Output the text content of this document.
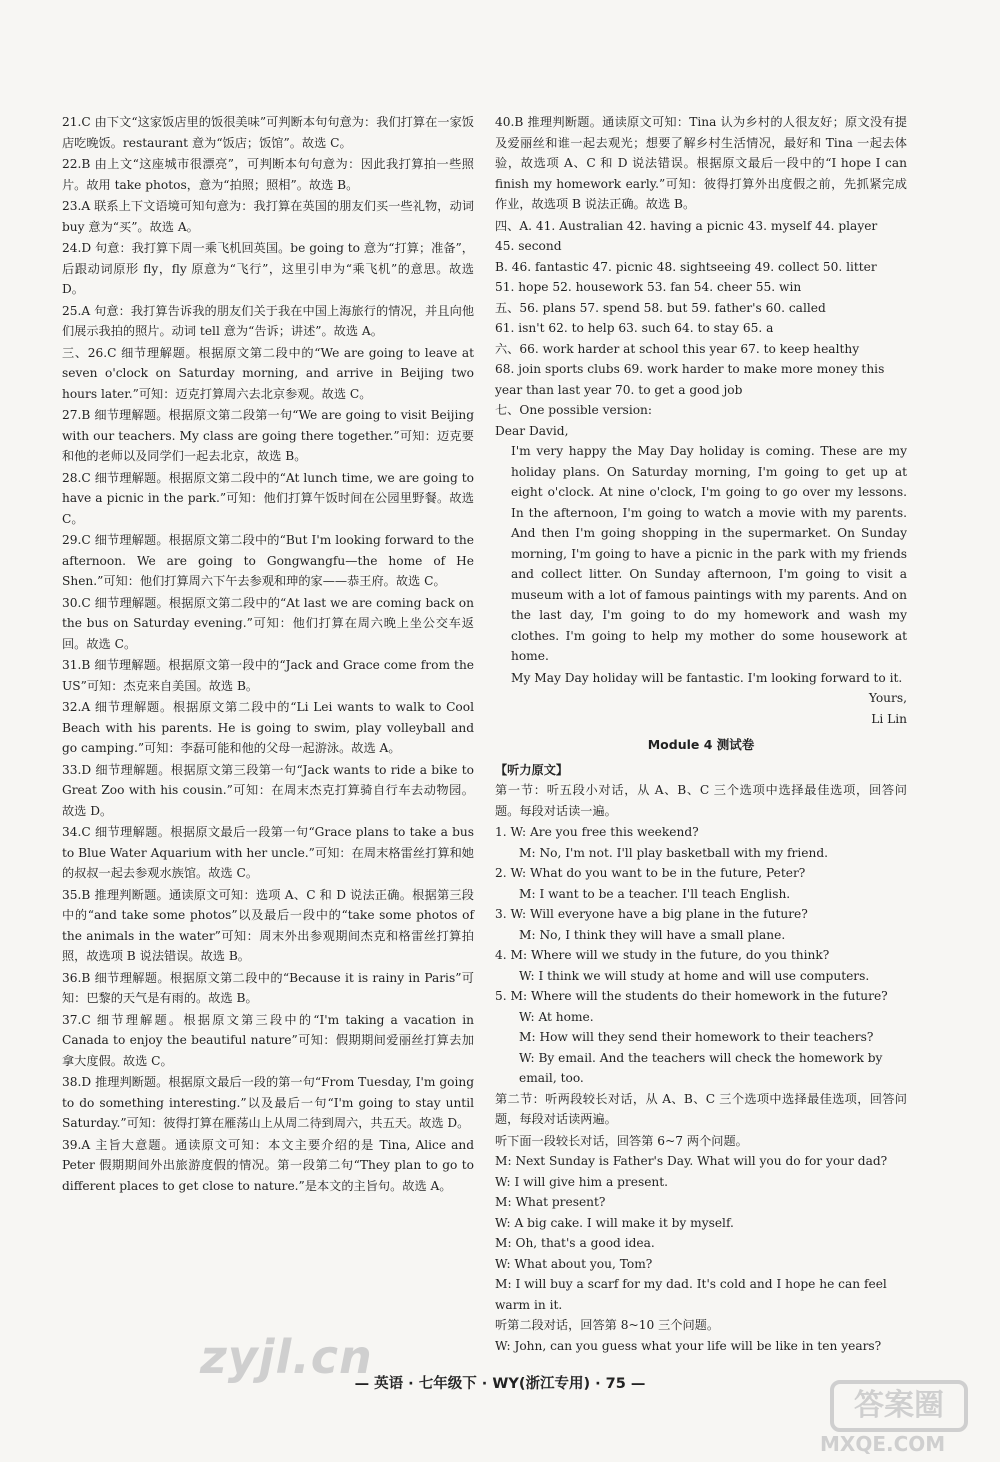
21.C 由下文“这家饭店里的饭很美味”可判断本句句意为：我们打算在一家饭店吃晚饭。restaurant 意为“饭店；饭馆”。故选 C。
22.B 由上文“这座城市很漂亮”，可判断本句句意为：因此我打算拍一些照片。故用 take photos，意为“拍照；照相”。故选 B。
23.A 联系上下文语境可知句意为：我打算在英国的朋友们买一些礼物，动词 buy 意为“买”。故选 A。
24.D 句意：我打算下周一乘飞机回英国。be going to 意为“打算；准备”，后跟动词原形 fly，fly 原意为“飞行”，这里引申为“乘飞机”的意思。故选 D。
25.A 句意：我打算告诉我的朋友们关于我在中国上海旅行的情况，并且向他们展示我拍的照片。动词 tell 意为“告诉；讲述”。故选 A。
三、26.C 细节理解题。根据原文第二段中的“We are going to leave at seven o'clock on Saturday morning, and arrive in Beijing two hours later.”可知：迈克打算周六去北京参观。故选 C。
27.B 细节理解题。根据原文第二段第一句“We are going to visit Beijing with our teachers. My class are going there together.”可知：迈克要和他的老师以及同学们一起去北京，故选 B。
28.C 细节理解题。根据原文第二段中的“At lunch time, we are going to have a picnic in the park.”可知：他们打算午饭时间在公园里野餐。故选 C。
29.C 细节理解题。根据原文第二段中的“But I'm looking forward to the afternoon. We are going to Gongwangfu—the home of He Shen.”可知：他们打算周六下午去参观和珅的家——恭王府。故选 C。
30.C 细节理解题。根据原文第二段中的“At last we are coming back on the bus on Saturday evening.”可知：他们打算在周六晚上坐公交车返回。故选 C。
31.B 细节理解题。根据原文第一段中的“Jack and Grace come from the US”可知：杰克来自美国。故选 B。
32.A 细节理解题。根据原文第二段中的“Li Lei wants to walk to Cool Beach with his parents. He is going to swim, play volleyball and go camping.”可知：李磊可能和他的父母一起游泳。故选 A。
33.D 细节理解题。根据原文第三段第一句“Jack wants to ride a bike to Great Zoo with his cousin.”可知：在周末杰克打算骑自行车去动物园。故选 D。
34.C 细节理解题。根据原文最后一段第一句“Grace plans to take a bus to Blue Water Aquarium with her uncle.”可知：在周末格雷丝打算和她的叔叔一起去参观水族馆。故选 C。
35.B 推理判断题。通读原文可知：选项 A、C 和 D 说法正确。根据第三段中的“and take some photos”以及最后一段中的“take some photos of the animals in the water”可知：周末外出参观期间杰克和格雷丝打算拍照，故选项 B 说法错误。故选 B。
36.B 细节理解题。根据原文第二段中的“Because it is rainy in Paris”可知：巴黎的天气是有雨的。故选 B。
37.C 细节理解题。根据原文第三段中的“I'm taking a vacation in Canada to enjoy the beautiful nature”可知：假期期间爱丽丝打算去加拿大度假。故选 C。
38.D 推理判断题。根据原文最后一段的第一句“From Tuesday, I'm going to do something interesting.”以及最后一句“I'm going to stay until Saturday.”可知：彼得打算在雁荡山上从周二待到周六，共五天。故选 D。
39.A 主旨大意题。通读原文可知：本文主要介绍的是 Tina, Alice and Peter 假期期间外出旅游度假的情况。第一段第二句“They plan to go to different places to get close to nature.”是本文的主旨句。故选 A。
40.B 推理判断题。通读原文可知：Tina 认为乡村的人很友好；原文没有提及爱丽丝和谁一起去观光；想要了解乡村生活情况，最好和 Tina 一起去体验，故选项 A、C 和 D 说法错误。根据原文最后一段中的“I hope I can finish my homework early.”可知：彼得打算外出度假之前，先抓紧完成作业，故选项 B 说法正确。故选 B。
四、A. 41. Australian 42. having a picnic 43. myself 44. player
45. second
B. 46. fantastic 47. picnic 48. sightseeing 49. collect 50. litter
51. hope 52. housework 53. fan 54. cheer 55. win
五、56. plans 57. spend 58. but 59. father's 60. called
61. isn't 62. to help 63. such 64. to stay 65. a
六、66. work harder at school this year 67. to keep healthy
68. join sports clubs 69. work harder to make more money this
year than last year 70. to get a good job
七、One possible version:
Dear David,
I'm very happy the May Day holiday is coming. These are my holiday plans. On Saturday morning, I'm going to get up at eight o'clock. At nine o'clock, I'm going to go over my lessons. In the afternoon, I'm going to watch a movie with my parents. And then I'm going shopping in the supermarket. On Sunday morning, I'm going to have a picnic in the park with my friends and collect litter. On Sunday afternoon, I'm going to visit a museum with a lot of famous paintings with my parents. And on the last day, I'm going to do my homework and wash my clothes. I'm going to help my mother do some housework at home.
My May Day holiday will be fantastic. I'm looking forward to it.
Yours,
Li Lin
Module 4 测试卷
【听力原文】
第一节：听五段小对话，从 A、B、C 三个选项中选择最佳选项，回答问题。每段对话读一遍。
1. W: Are you free this weekend?
M: No, I'm not. I'll play basketball with my friend.
2. W: What do you want to be in the future, Peter?
M: I want to be a teacher. I'll teach English.
3. W: Will everyone have a big plane in the future?
M: No, I think they will have a small plane.
4. M: Where will we study in the future, do you think?
W: I think we will study at home and will use computers.
5. M: Where will the students do their homework in the future?
W: At home.
M: How will they send their homework to their teachers?
W: By email. And the teachers will check the homework by email, too.
第二节：听两段较长对话，从 A、B、C 三个选项中选择最佳选项，回答问题，每段对话读两遍。
听下面一段较长对话，回答第 6~7 两个问题。
M: Next Sunday is Father's Day. What will you do for your dad?
W: I will give him a present.
M: What present?
W: A big cake. I will make it by myself.
M: Oh, that's a good idea.
W: What about you, Tom?
M: I will buy a scarf for my dad. It's cold and I hope he can feel warm in it.
听第二段对话，回答第 8~10 三个问题。
W: John, can you guess what your life will be like in ten years?
— 英语 · 七年级下 · WY(浙江专用) · 75 —
zyjl.cn
答案圈
MXQE.COM
